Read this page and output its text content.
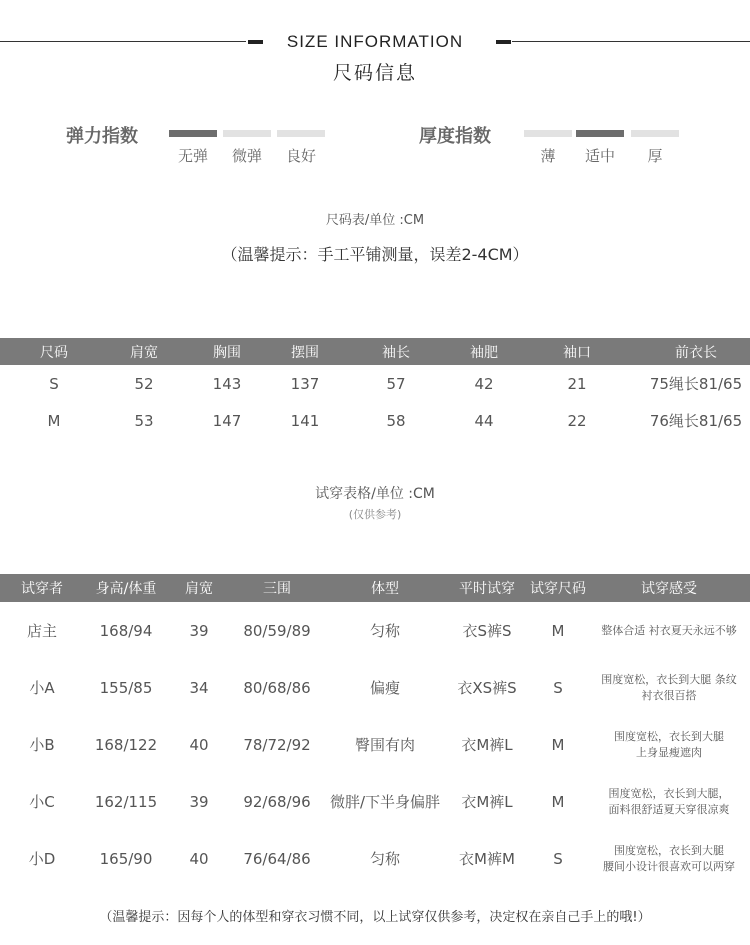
SIZE INFORMATION
尺码信息
弹力指数
无弹	微弹	良好
厚度指数
薄	适中	厚
尺码表/单位 :CM
（温馨提示：手工平铺测量，误差2-4CM）
尺码	肩宽	胸围	摆围	袖长	袖肥	袖口	前衣长
S	52	143	137	57	42	21	75绳长81/65
M	53	147	141	58	44	22	76绳长81/65
试穿表格/单位 :CM
(仅供参考)
试穿者	身高/体重	肩宽	三围	体型	平时试穿	试穿尺码	试穿感受
店主	168/94	39	80/59/89	匀称	衣S裤S	M	整体合适 衬衣夏天永远不够

小A	155/85	34	80/68/86	偏瘦	衣XS裤S	S	围度宽松，衣长到大腿 条纹
衬衣很百搭

小B	168/122	40	78/72/92	臀围有肉	衣M裤L	M	围度宽松，衣长到大腿
上身显瘦遮肉

小C	162/115	39	92/68/96	微胖/下半身偏胖	衣M裤L	M	围度宽松，衣长到大腿，
面料很舒适夏天穿很凉爽

小D	165/90	40	76/64/86	匀称	衣M裤M	S	围度宽松，衣长到大腿
腰间小设计很喜欢可以两穿
（温馨提示：因每个人的体型和穿衣习惯不同，以上试穿仅供参考，决定权在亲自己手上的哦!）
